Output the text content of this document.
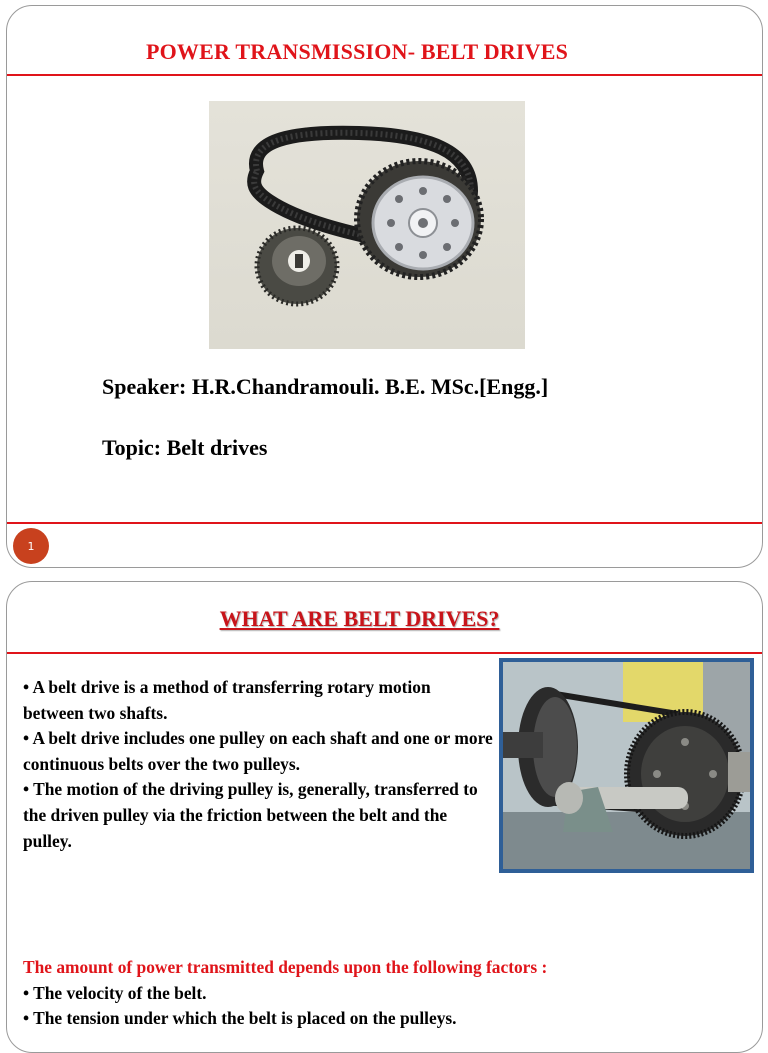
POWER TRANSMISSION- BELT DRIVES
Speaker: H.R.Chandramouli. B.E. MSc.[Engg.]
Topic: Belt drives
1
WHAT ARE BELT DRIVES?

• A belt drive is a method of transferring rotary motion between two shafts.

• A belt drive includes one pulley on each shaft and one or more continuous belts over the two pulleys.

• The motion of the driving pulley is, generally, transferred to the driven pulley via the friction between the belt and the pulley.

The amount of power transmitted depends upon the following factors :

• The velocity of the belt.

• The tension under which the belt is placed on the pulleys.
